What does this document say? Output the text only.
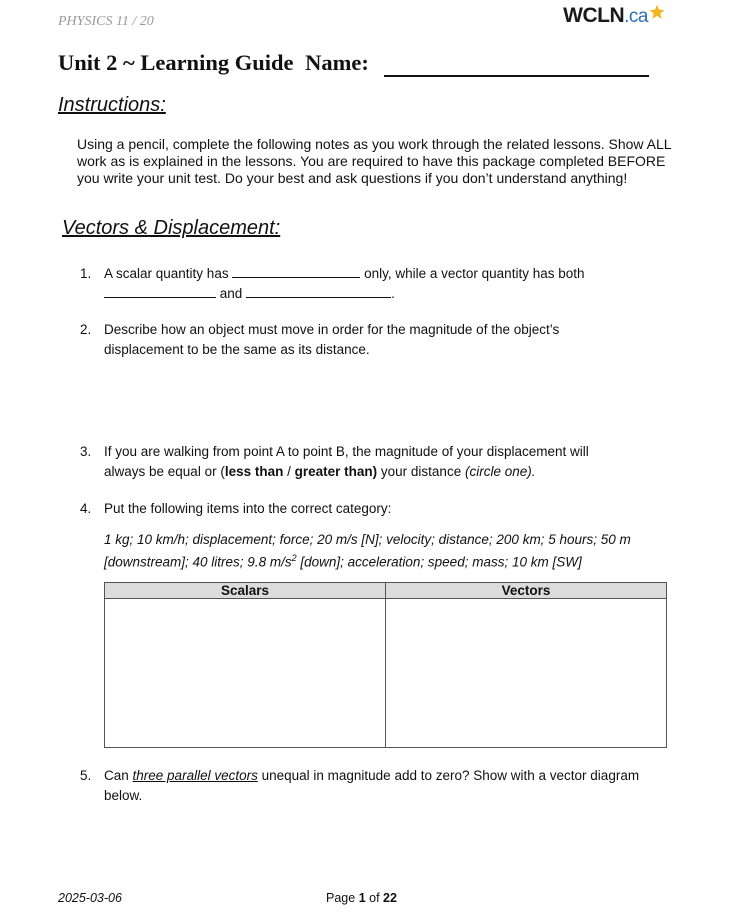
PHYSICS 11 / 20	WCLN.ca
Unit 2 ~ Learning Guide Name:
Instructions:
Using a pencil, complete the following notes as you work through the related lessons. Show ALL work as is explained in the lessons. You are required to have this package completed BEFORE you write your unit test. Do your best and ask questions if you don’t understand anything!
Vectors & Displacement:
1. A scalar quantity has	only, while a vector quantity has both
and	.
2. Describe how an object must move in order for the magnitude of the object’s
displacement to be the same as its distance.
3. If you are walking from point A to point B, the magnitude of your displacement will
always be equal or (less than / greater than) your distance (circle one).
4. Put the following items into the correct category:
1 kg; 10 km/h; displacement; force; 20 m/s [N]; velocity; distance; 200 km; 5 hours; 50 m
[downstream]; 40 litres; 9.8 $m/s^2$ [down]; acceleration; speed; mass; 10 km [SW]
Scalars	Vectors

5. Can three parallel vectors unequal in magnitude add to zero? Show with a vector diagram below.
2025-03-06	Page 1 of 22
